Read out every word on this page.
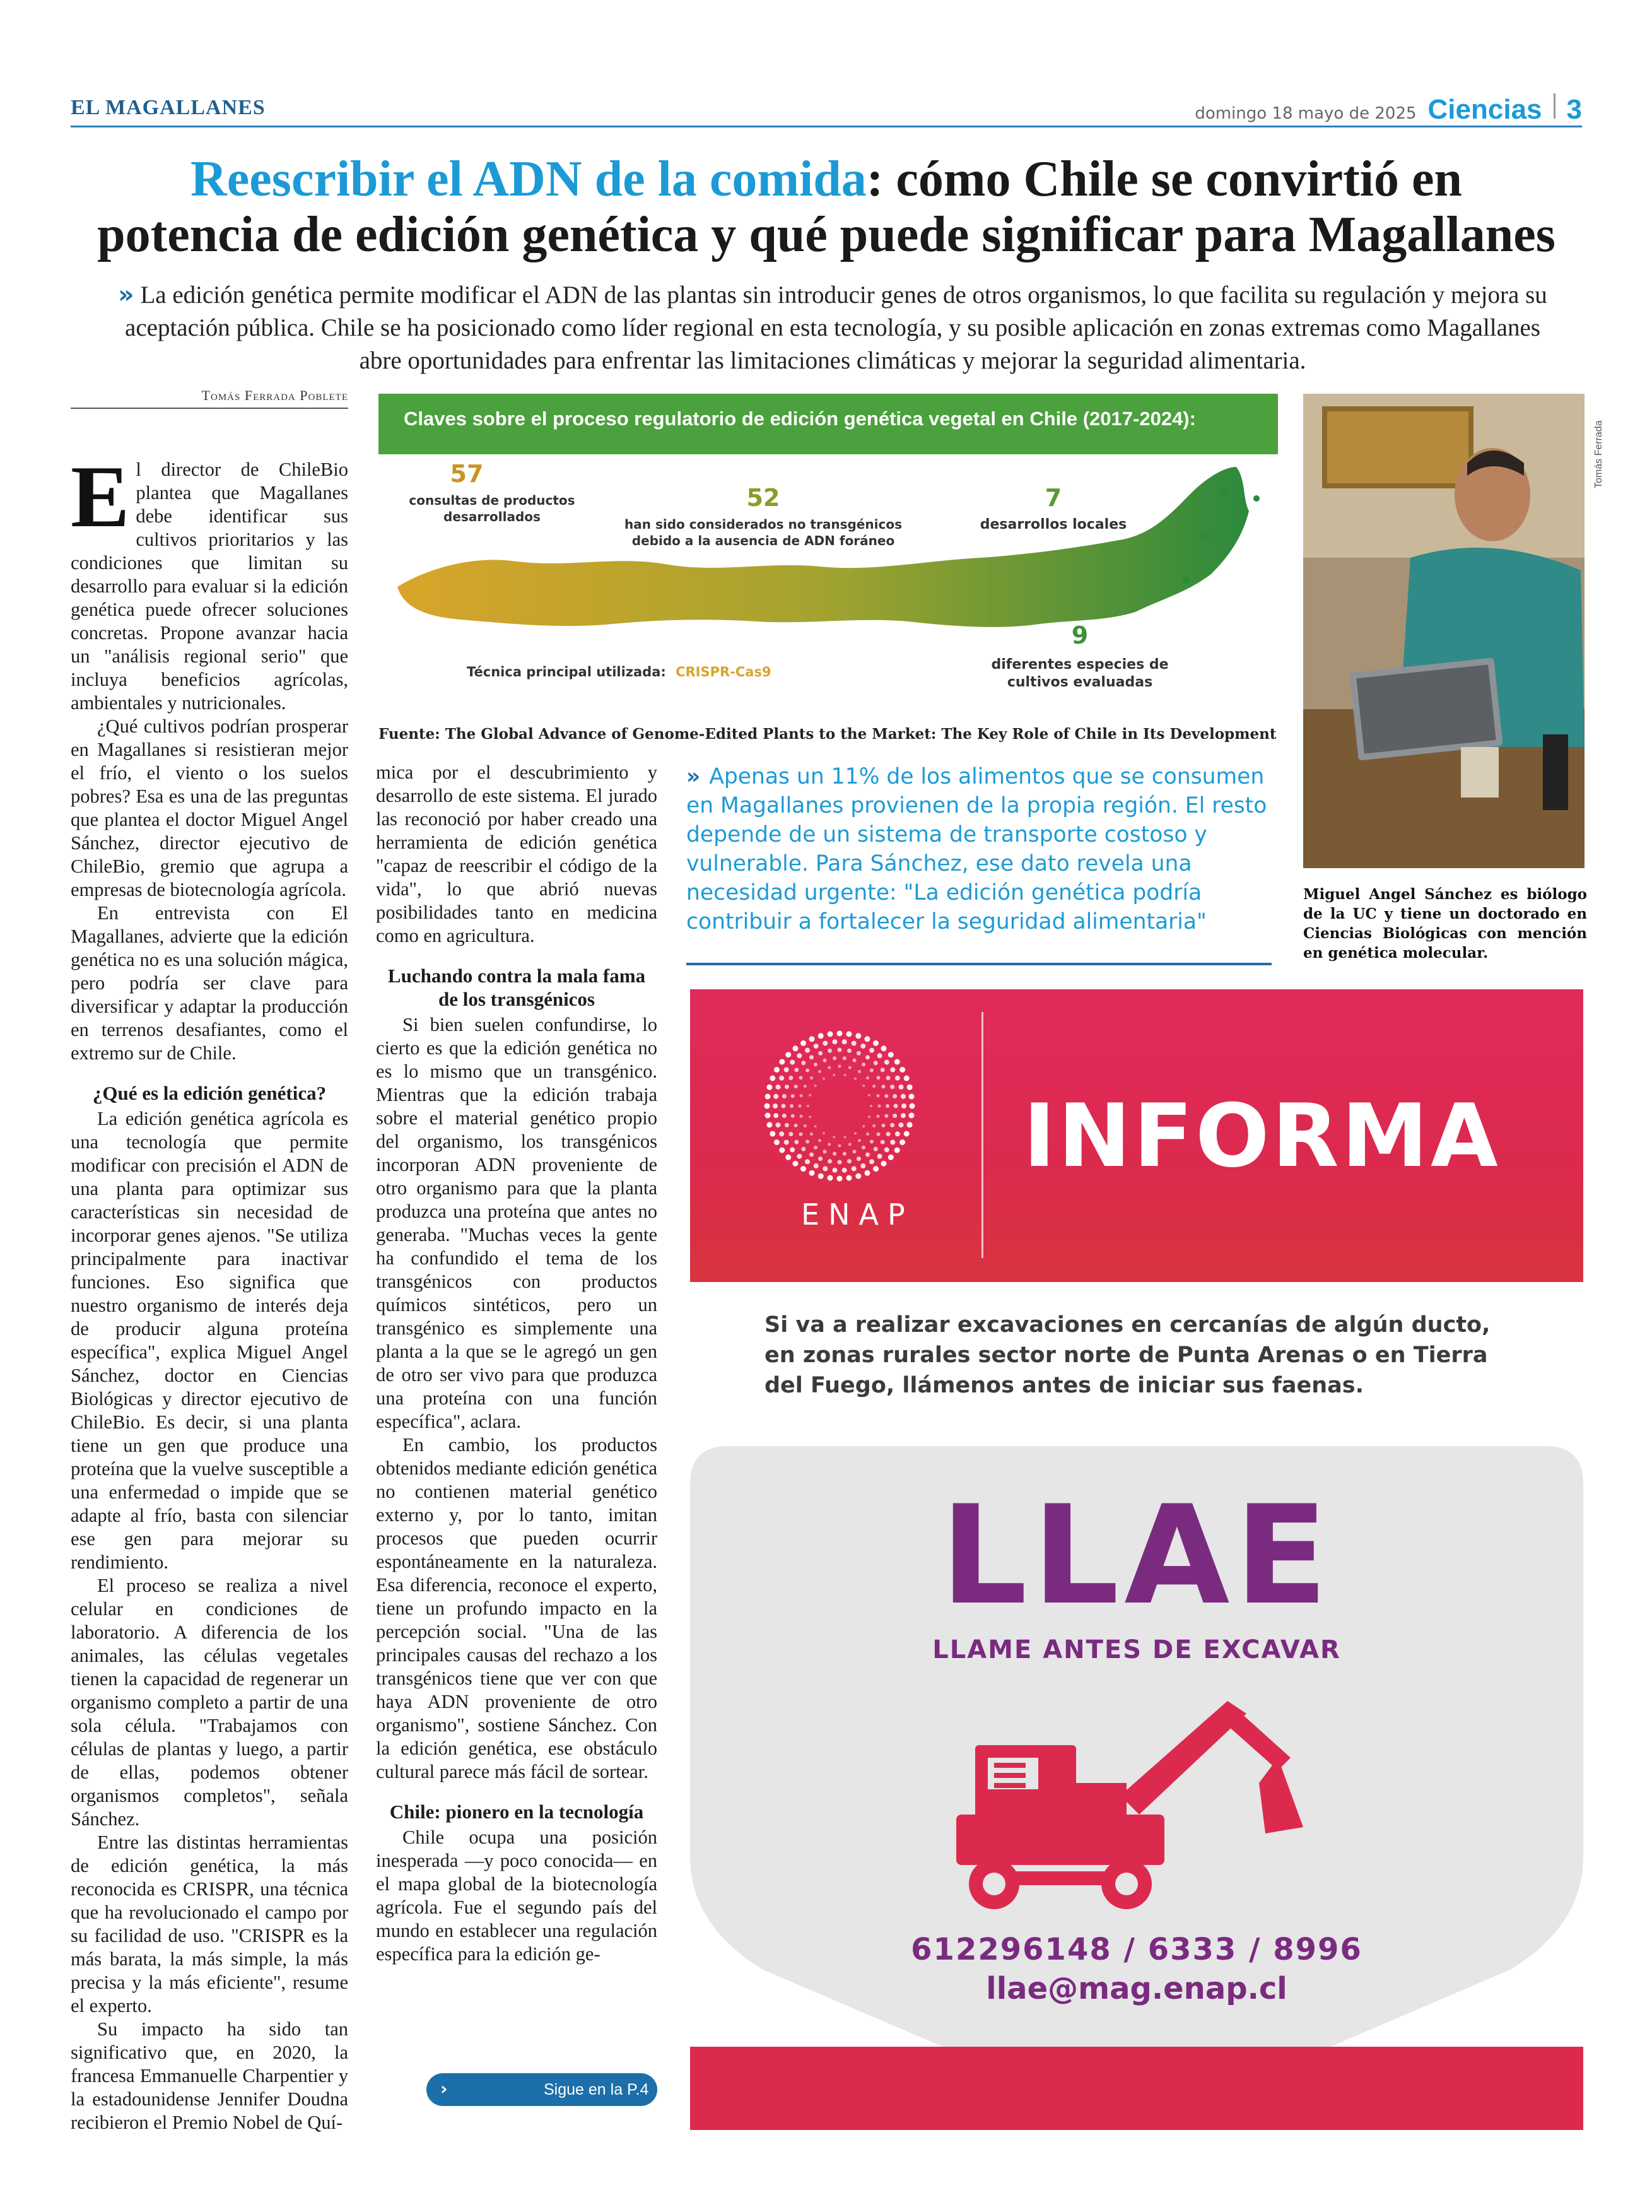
EL MAGALLANES	domingo 18 mayo de 2025 Ciencias 3
Reescribir el ADN de la comida: cómo Chile se convirtió en
potencia de edición genética y qué puede significar para Magallanes
» La edición genética permite modificar el ADN de las plantas sin introducir genes de otros organismos, lo que facilita su regulación y mejora su aceptación pública. Chile se ha posicionado como líder regional en esta tecnología, y su posible aplicación en zonas extremas como Magallanes abre oportunidades para enfrentar las limitaciones climáticas y mejorar la seguridad alimentaria.
Tomás Ferrada Poblete

El director de ChileBio plantea que Magallanes debe identificar sus cultivos prioritarios y las condiciones que limitan su desarrollo para evaluar si la edición genética puede ofrecer soluciones concretas. Propone avanzar hacia un "análisis regional serio" que incluya beneficios agrícolas, ambientales y nutricionales.

¿Qué cultivos podrían prosperar en Magallanes si resistieran mejor el frío, el viento o los suelos pobres? Esa es una de las preguntas que plantea el doctor Miguel Angel Sánchez, director ejecutivo de ChileBio, gremio que agrupa a empresas de biotecnología agrícola.

En entrevista con El Magallanes, advierte que la edición genética no es una solución mágica, pero podría ser clave para diversificar y adaptar la producción en terrenos desafiantes, como el extremo sur de Chile.

¿Qué es la edición genética?

La edición genética agrícola es una tecnología que permite modificar con precisión el ADN de una planta para optimizar sus características sin necesidad de incorporar genes ajenos. "Se utiliza principalmente para inactivar funciones. Eso significa que nuestro organismo de interés deja de producir alguna proteína específica", explica Miguel Angel Sánchez, doctor en Ciencias Biológicas y director ejecutivo de ChileBio. Es decir, si una planta tiene un gen que produce una proteína que la vuelve susceptible a una enfermedad o impide que se adapte al frío, basta con silenciar ese gen para mejorar su rendimiento.

El proceso se realiza a nivel celular en condiciones de laboratorio. A diferencia de los animales, las células vegetales tienen la capacidad de regenerar un organismo completo a partir de una sola célula. "Trabajamos con células de plantas y luego, a partir de ellas, podemos obtener organismos completos", señala Sánchez.

Entre las distintas herramientas de edición genética, la más reconocida es CRISPR, una técnica que ha revolucionado el campo por su facilidad de uso. "CRISPR es la más barata, la más simple, la más precisa y la más eficiente", resume el experto.

Su impacto ha sido tan significativo que, en 2020, la francesa Emmanuelle Charpentier y la estadounidense Jennifer Doudna recibieron el Premio Nobel de Quí-

Claves sobre el proceso regulatorio de edición genética vegetal en Chile (2017-2024):
57
consultas de productos
desarrollados
52
han sido considerados no transgénicos
debido a la ausencia de ADN foráneo
7
desarrollos locales
9
diferentes especies de
cultivos evaluadas
Técnica principal utilizada: CRISPR-Cas9
Fuente: The Global Advance of Genome-Edited Plants to the Market: The Key Role of Chile in Its Development
Tomás Ferrada
Miguel Angel Sánchez es biólogo de la UC y tiene un doctorado en Ciencias Biológicas con mención en genética molecular.

mica por el descubrimiento y desarrollo de este sistema. El jurado las reconoció por haber creado una herramienta de edición genética "capaz de reescribir el código de la vida", lo que abrió nuevas posibilidades tanto en medicina como en agricultura.

Luchando contra la mala fama de los transgénicos

Si bien suelen confundirse, lo cierto es que la edición genética no es lo mismo que un transgénico. Mientras que la edición trabaja sobre el material genético propio del organismo, los transgénicos incorporan ADN proveniente de otro organismo para que la planta produzca una proteína que antes no generaba. "Muchas veces la gente ha confundido el tema de los transgénicos con productos químicos sintéticos, pero un transgénico es simplemente una planta a la que se le agregó un gen de otro ser vivo para que produzca una proteína con una función específica", aclara.

En cambio, los productos obtenidos mediante edición genética no contienen material genético externo y, por lo tanto, imitan procesos que pueden ocurrir espontáneamente en la naturaleza. Esa diferencia, reconoce el experto, tiene un profundo impacto en la percepción social. "Una de las principales causas del rechazo a los transgénicos tiene que ver con que haya ADN proveniente de otro organismo", sostiene Sánchez. Con la edición genética, ese obstáculo cultural parece más fácil de sortear.

Chile: pionero en la tecnología

Chile ocupa una posición inesperada —y poco conocida— en el mapa global de la biotecnología agrícola. Fue el segundo país del mundo en establecer una regulación específica para la edición ge-

» Apenas un 11% de los alimentos que se consumen en Magallanes provienen de la propia región. El resto depende de un sistema de transporte costoso y vulnerable. Para Sánchez, ese dato revela una necesidad urgente: "La edición genética podría contribuir a fortalecer la seguridad alimentaria"
›	Sigue en la P.4
ENAP
INFORMA
Si va a realizar excavaciones en cercanías de algún ducto, en zonas rurales sector norte de Punta Arenas o en Tierra del Fuego, llámenos antes de iniciar sus faenas.
LLAE
LLAME ANTES DE EXCAVAR
612296148 / 6333 / 8996
llae@mag.enap.cl
